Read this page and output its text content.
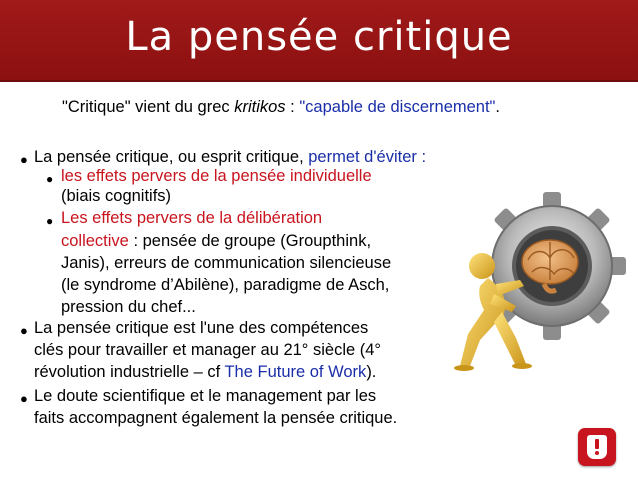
La pensée critique
"Critique" vient du grec kritikos : "capable de discernement".
● La pensée critique, ou esprit critique, permet d'éviter :
● les effets pervers de la pensée individuelle
(biais cognitifs)
● Les effets pervers de la délibération
collective : pensée de groupe (Groupthink,
Janis), erreurs de communication silencieuse
(le syndrome d’Abilène), paradigme de Asch,
pression du chef...
● La pensée critique est l'une des compétences
clés pour travailler et manager au 21° siècle (4°
révolution industrielle – cf The Future of Work).
● Le doute scientifique et le management par les
faits accompagnent également la pensée critique.
